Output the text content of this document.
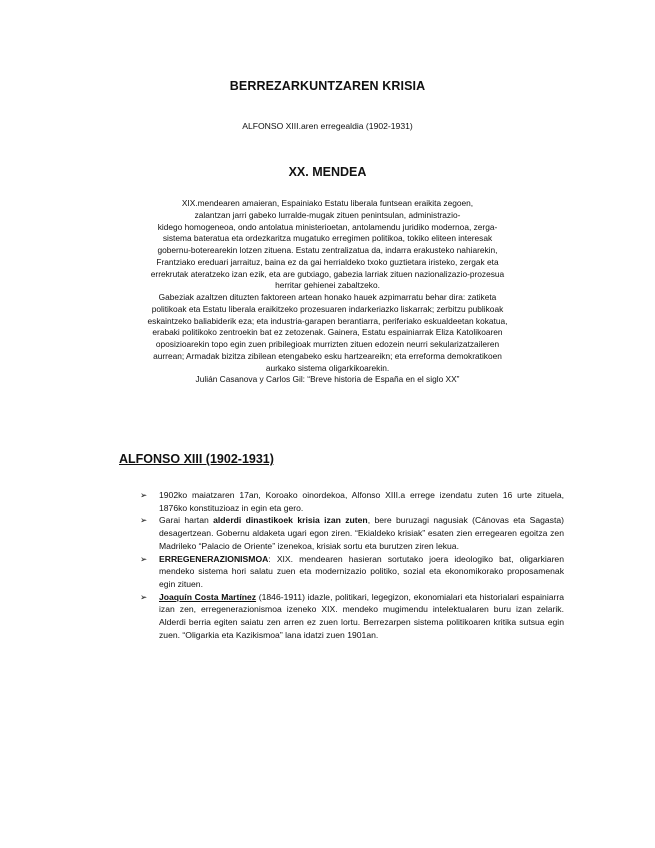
BERREZARKUNTZAREN KRISIA
ALFONSO XIII.aren erregealdia (1902-1931)
XX. MENDEA
XIX.mendearen amaieran, Espainiako Estatu liberala funtsean eraikita zegoen,
zalantzan jarri gabeko lurralde-mugak zituen penintsulan, administrazio-
kidego homogeneoa, ondo antolatua ministerioetan, antolamendu juridiko modernoa, zerga-
sistema bateratua eta ordezkaritza mugatuko erregimen politikoa, tokiko eliteen interesak
gobernu-boterearekin lotzen zituena. Estatu zentralizatua da, indarra erakusteko nahiarekin,
Frantziako ereduari jarraituz, baina ez da gai herrialdeko txoko guztietara iristeko, zergak eta
errekrutak ateratzeko izan ezik, eta are gutxiago, gabezia larriak zituen nazionalizazio-prozesua
herritar gehienei zabaltzeko.
Gabeziak azaltzen dituzten faktoreen artean honako hauek azpimarratu behar dira: zatiketa
politikoak eta Estatu liberala eraikitzeko prozesuaren indarkeriazko liskarrak; zerbitzu publikoak
eskaintzeko baliabiderik eza; eta industria-garapen berantiarra, periferiako eskualdeetan kokatua,
erabaki politikoko zentroekin bat ez zetozenak. Gainera, Estatu espainiarrak Eliza Katolikoaren
oposizioarekin topo egin zuen pribilegioak murrizten zituen edozein neurri sekularizatzaileren
aurrean; Armadak bizitza zibilean etengabeko esku hartzeareikn; eta erreforma demokratikoen
aurkako sistema oligarkikoarekin.
Julián Casanova y Carlos Gil: “Breve historia de España en el siglo XX”
ALFONSO XIII (1902-1931)
➢ 1902ko maiatzaren 17an, Koroako oinordekoa, Alfonso XIII.a errege izendatu zuten 16 urte zituela, 1876ko konstituzioaz in egin eta gero.
➢ Garai hartan alderdi dinastikoek krisia izan zuten, bere buruzagi nagusiak (Cánovas eta Sagasta) desagertzean. Gobernu aldaketa ugari egon ziren. “Ekialdeko krisiak” esaten zien erregearen egoitza zen Madrileko “Palacio de Oriente” izenekoa, krisiak sortu eta burutzen ziren lekua.
➢ ERREGENERAZIONISMOA: XIX. mendearen hasieran sortutako joera ideologiko bat, oligarkiaren mendeko sistema hori salatu zuen eta modernizazio politiko, sozial eta ekonomikorako proposamenak egin zituen.
➢ Joaquín Costa Martínez (1846-1911) idazle, politikari, legegizon, ekonomialari eta historialari espainiarra izan zen, erregenerazionismoa izeneko XIX. mendeko mugimendu intelektualaren buru izan zelarik. Alderdi berria egiten saiatu zen arren ez zuen lortu. Berrezarpen sistema politikoaren kritika sutsua egin zuen. “Oligarkia eta Kazikismoa” lana idatzi zuen 1901an.
